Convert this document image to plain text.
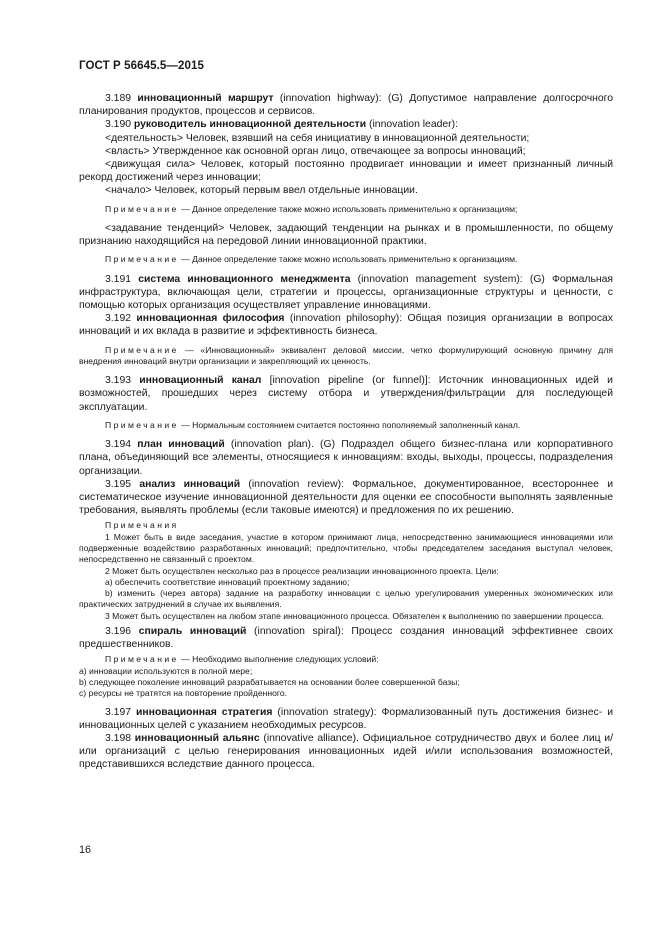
ГОСТ Р 56645.5—2015

3.189 инновационный маршрут (innovation highway): (G) Допустимое направление долгосрочного планирования продуктов, процессов и сервисов.

3.190 руководитель инновационной деятельности (innovation leader):

<деятельность> Человек, взявший на себя инициативу в инновационной деятельности;

<власть> Утвержденное как основной орган лицо, отвечающее за вопросы инноваций;

<движущая сила> Человек, который постоянно продвигает инновации и имеет признанный личный рекорд достижений через инновации;

<начало> Человек, который первым ввел отдельные инновации.

Примечание — Данное определение также можно использовать применительно к организациям;

<задавание тенденций> Человек, задающий тенденции на рынках и в промышленности, по общему признанию находящийся на передовой линии инновационной практики.

Примечание — Данное определение также можно использовать применительно к организациям.

3.191 система инновационного менеджмента (innovation management system): (G) Формальная инфраструктура, включающая цели, стратегии и процессы, организационные структуры и ценности, с помощью которых организация осуществляет управление инновациями.

3.192 инновационная философия (innovation philosophy): Общая позиция организации в вопросах инноваций и их вклада в развитие и эффективность бизнеса.

Примечание — «Инновационный» эквивалент деловой миссии, четко формулирующий основную причину для внедрения инноваций внутри организации и закрепляющий их ценность.

3.193 инновационный канал [innovation pipeline (or funnel)]: Источник инновационных идей и возможностей, прошедших через систему отбора и утверждения/фильтрации для последующей эксплуатации.

Примечание — Нормальным состоянием считается постоянно пополняемый заполненный канал.

3.194 план инноваций (innovation plan). (G) Подраздел общего бизнес-плана или корпоративного плана, объединяющий все элементы, относящиеся к инновациям: входы, выходы, процессы, подразделения организации.

3.195 анализ инноваций (innovation review): Формальное, документированное, всестороннее и систематическое изучение инновационной деятельности для оценки ее способности выполнять заявленные требования, выявлять проблемы (если таковые имеются) и предложения по их решению.

Примечания

1 Может быть в виде заседания, участие в котором принимают лица, непосредственно занимающиеся инновациями или подверженные воздействию разработанных инноваций; предпочтительно, чтобы председателем заседания выступал человек, непосредственно не связанный с проектом.

2 Может быть осуществлен несколько раз в процессе реализации инновационного проекта. Цели:

а) обеспечить соответствие инноваций проектному заданию;

b) изменить (через автора) задание на разработку инновации с целью урегулирования умеренных экономических или практических затруднений в случае их выявления.

3 Может быть осуществлен на любом этапе инновационного процесса. Обязателен к выполнению по завершении процесса.

3.196 спираль инноваций (innovation spiral): Процесс создания инноваций эффективнее своих предшественников.

Примечание — Необходимо выполнение следующих условий:

а) инновации используются в полной мере;

b) следующее поколение инноваций разрабатывается на основании более совершенной базы;

с) ресурсы не тратятся на повторение пройденного.

3.197 инновационная стратегия (innovation strategy): Формализованный путь достижения бизнес- и инновационных целей с указанием необходимых ресурсов.

3.198 инновационный альянс (innovative alliance). Официальное сотрудничество двух и более лиц и/или организаций с целью генерирования инновационных идей и/или использования возможностей, представившихся вследствие данного процесса.

16
